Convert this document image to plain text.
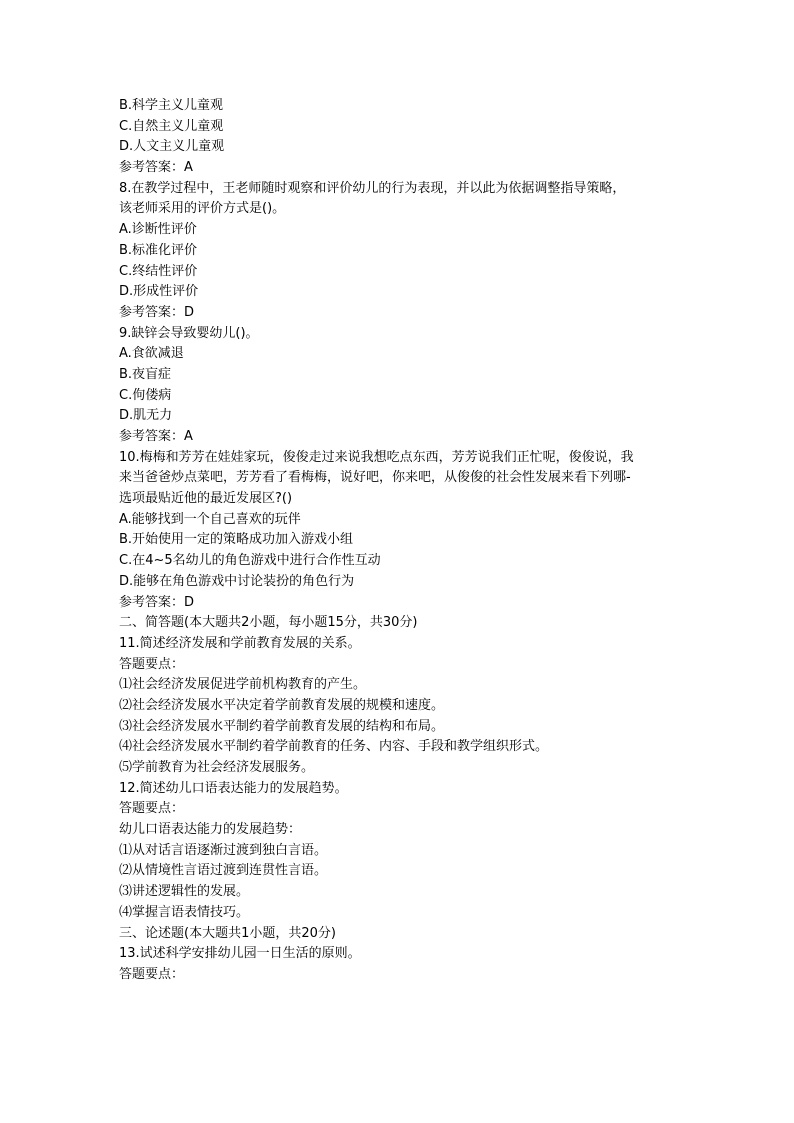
B.科学主义儿童观
C.自然主义儿童观
D.人文主义儿童观
参考答案：A
8.在教学过程中，王老师随时观察和评价幼儿的行为表现，并以此为依据调整指导策略，
该老师采用的评价方式是()。
A.诊断性评价
B.标准化评价
C.终结性评价
D.形成性评价
参考答案：D
9.缺锌会导致婴幼儿()。
A.食欲减退
B.夜盲症
C.佝偻病
D.肌无力
参考答案：A
10.梅梅和芳芳在娃娃家玩，俊俊走过来说我想吃点东西，芳芳说我们正忙呢，俊俊说，我
来当爸爸炒点菜吧，芳芳看了看梅梅，说好吧，你来吧，从俊俊的社会性发展来看下列哪-
选项最贴近他的最近发展区?()
A.能够找到一个自己喜欢的玩伴
B.开始使用一定的策略成功加入游戏小组
C.在4~5名幼儿的角色游戏中进行合作性互动
D.能够在角色游戏中讨论装扮的角色行为
参考答案：D
二、简答题(本大题共2小题，每小题15分，共30分)
11.简述经济发展和学前教育发展的关系。
答题要点：
⑴社会经济发展促进学前机构教育的产生。
⑵社会经济发展水平决定着学前教育发展的规模和速度。
⑶社会经济发展水平制约着学前教育发展的结构和布局。
⑷社会经济发展水平制约着学前教育的任务、内容、手段和教学组织形式。
⑸学前教育为社会经济发展服务。
12.简述幼儿口语表达能力的发展趋势。
答题要点：
幼儿口语表达能力的发展趋势：
⑴从对话言语逐渐过渡到独白言语。
⑵从情境性言语过渡到连贯性言语。
⑶讲述逻辑性的发展。
⑷掌握言语表情技巧。
三、论述题(本大题共1小题，共20分)
13.试述科学安排幼儿园一日生活的原则。
答题要点：
